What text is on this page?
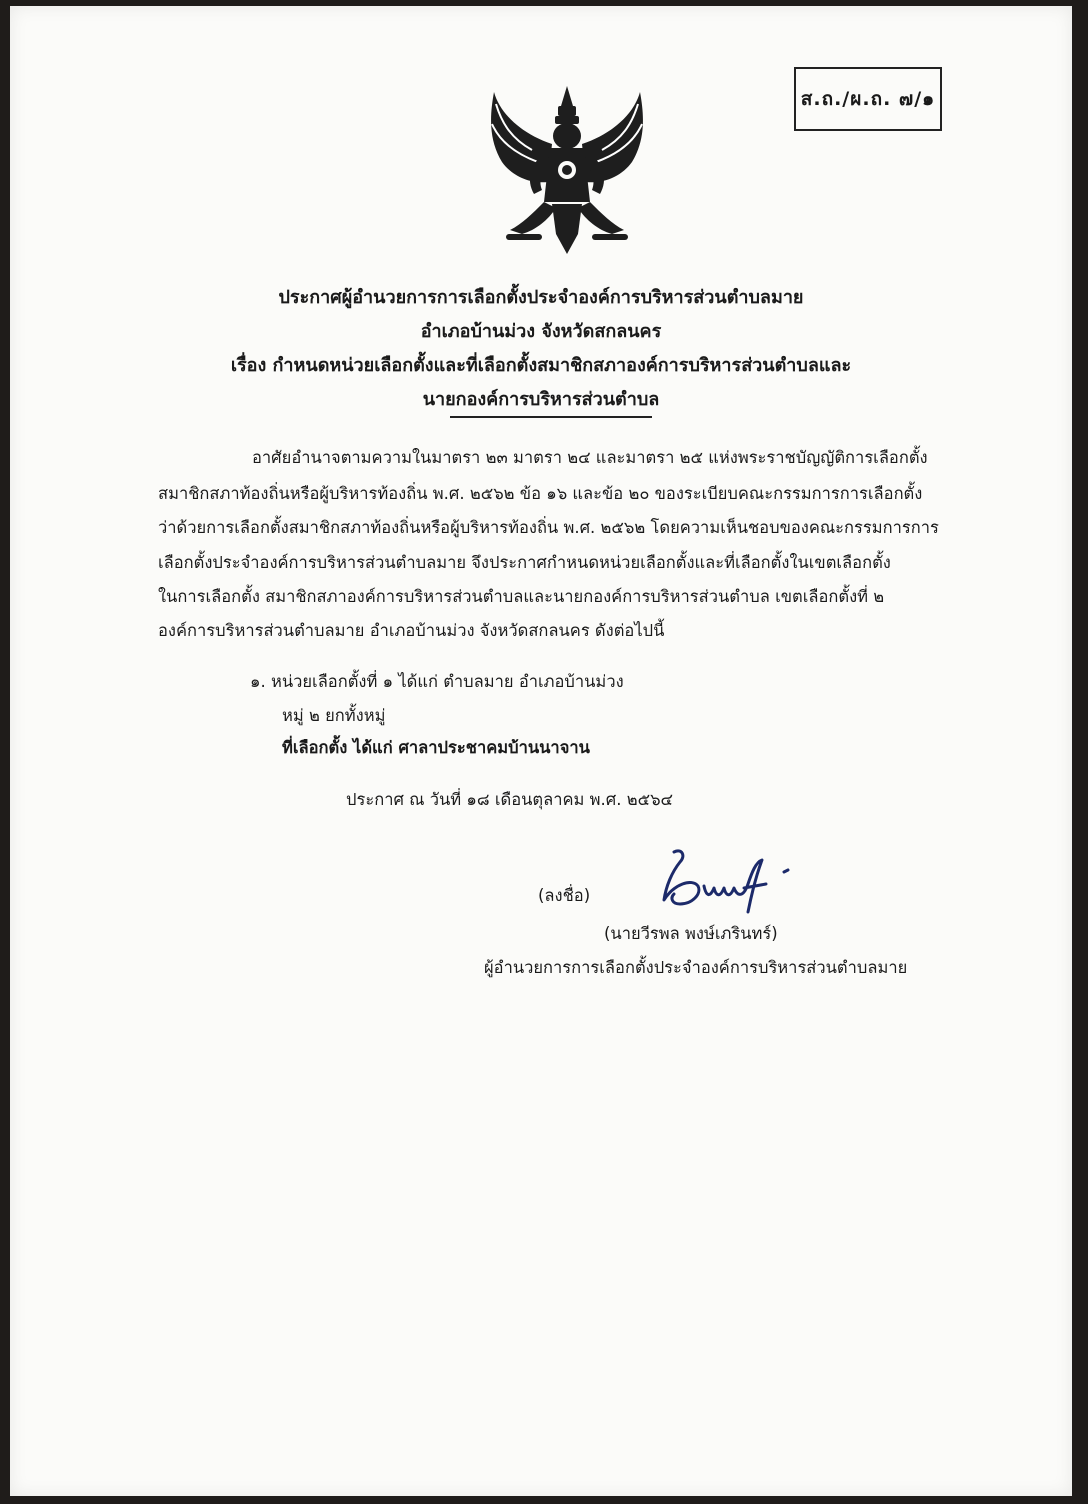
ส.ถ./ผ.ถ. ๗/๑
ประกาศผู้อำนวยการการเลือกตั้งประจำองค์การบริหารส่วนตำบลมาย
อำเภอบ้านม่วง จังหวัดสกลนคร
เรื่อง กำหนดหน่วยเลือกตั้งและที่เลือกตั้งสมาชิกสภาองค์การบริหารส่วนตำบลและ
นายกองค์การบริหารส่วนตำบล
อาศัยอำนาจตามความในมาตรา ๒๓ มาตรา ๒๔ และมาตรา ๒๕ แห่งพระราชบัญญัติการเลือกตั้ง
สมาชิกสภาท้องถิ่นหรือผู้บริหารท้องถิ่น พ.ศ. ๒๕๖๒ ข้อ ๑๖ และข้อ ๒๐ ของระเบียบคณะกรรมการการเลือกตั้ง
ว่าด้วยการเลือกตั้งสมาชิกสภาท้องถิ่นหรือผู้บริหารท้องถิ่น พ.ศ. ๒๕๖๒ โดยความเห็นชอบของคณะกรรมการการ
เลือกตั้งประจำองค์การบริหารส่วนตำบลมาย จึงประกาศกำหนดหน่วยเลือกตั้งและที่เลือกตั้งในเขตเลือกตั้ง
ในการเลือกตั้ง สมาชิกสภาองค์การบริหารส่วนตำบลและนายกองค์การบริหารส่วนตำบล เขตเลือกตั้งที่ ๒
องค์การบริหารส่วนตำบลมาย อำเภอบ้านม่วง จังหวัดสกลนคร ดังต่อไปนี้
๑. หน่วยเลือกตั้งที่ ๑ ได้แก่ ตำบลมาย อำเภอบ้านม่วง
หมู่ ๒ ยกทั้งหมู่
ที่เลือกตั้ง ได้แก่ ศาลาประชาคมบ้านนาจาน
ประกาศ ณ วันที่ ๑๘ เดือนตุลาคม พ.ศ. ๒๕๖๔
(ลงชื่อ)
(นายวีรพล พงษ์เภรินทร์)
ผู้อำนวยการการเลือกตั้งประจำองค์การบริหารส่วนตำบลมาย
